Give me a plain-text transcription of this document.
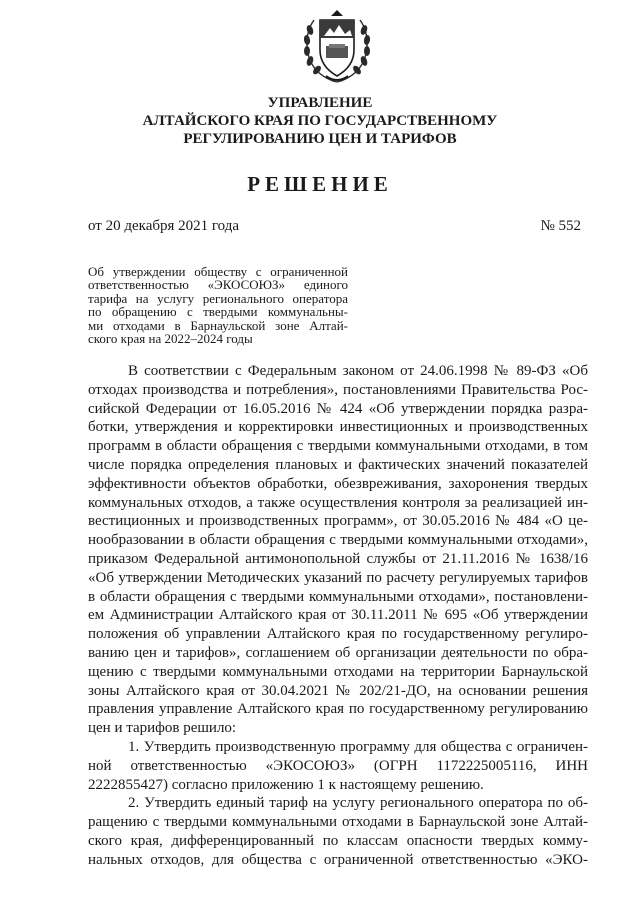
УПРАВЛЕНИЕ
АЛТАЙСКОГО КРАЯ ПО ГОСУДАРСТВЕННОМУ
РЕГУЛИРОВАНИЮ ЦЕН И ТАРИФОВ
РЕШЕНИЕ
от 20 декабря 2021 года	№ 552
Об утверждении обществу с ограниченной
ответственностью «ЭКОСОЮЗ» единого
тарифа на услугу регионального оператора
по обращению с твердыми коммунальны-
ми отходами в Барнаульской зоне Алтай-
ского края на 2022–2024 годы
В соответствии с Федеральным законом от 24.06.1998 № 89-ФЗ «Об
отходах производства и потребления», постановлениями Правительства Рос-
сийской Федерации от 16.05.2016 № 424 «Об утверждении порядка разра-
ботки, утверждения и корректировки инвестиционных и производственных
программ в области обращения с твердыми коммунальными отходами, в том
числе порядка определения плановых и фактических значений показателей
эффективности объектов обработки, обезвреживания, захоронения твердых
коммунальных отходов, а также осуществления контроля за реализацией ин-
вестиционных и производственных программ», от 30.05.2016 № 484 «О це-
нообразовании в области обращения с твердыми коммунальными отходами»,
приказом Федеральной антимонопольной службы от 21.11.2016 № 1638/16
«Об утверждении Методических указаний по расчету регулируемых тарифов
в области обращения с твердыми коммунальными отходами», постановлени-
ем Администрации Алтайского края от 30.11.2011 № 695 «Об утверждении
положения об управлении Алтайского края по государственному регулиро-
ванию цен и тарифов», соглашением об организации деятельности по обра-
щению с твердыми коммунальными отходами на территории Барнаульской
зоны Алтайского края от 30.04.2021 № 202/21-ДО, на основании решения
правления управление Алтайского края по государственному регулированию
цен и тарифов решило:
1. Утвердить производственную программу для общества с ограничен-
ной ответственностью «ЭКОСОЮЗ» (ОГРН 1172225005116, ИНН
2222855427) согласно приложению 1 к настоящему решению.
2. Утвердить единый тариф на услугу регионального оператора по об-
ращению с твердыми коммунальными отходами в Барнаульской зоне Алтай-
ского края, дифференцированный по классам опасности твердых комму-
нальных отходов, для общества с ограниченной ответственностью «ЭКО-
